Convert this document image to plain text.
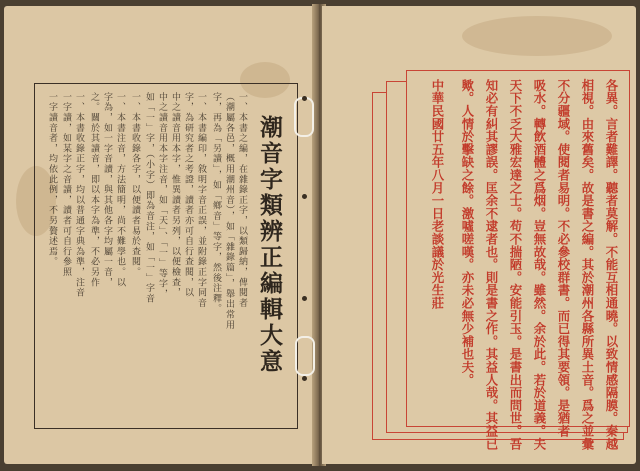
潮音字類辨正編輯大意
一、本書之編，在雜錄正字，以類歸納，俾閱者
（潮屬各邑，概用潮州音），如「雜錄篇」，舉出常用
字，再為「另讀」，如「鄉音」等字，然後注釋。
一、本書編印，敘明字音正誤，並附錄正字同音
字，為研究者之考證，讀者亦可自行查閱，以
中之讀音用本字，惟異讀者另列，以便檢查，
中之讀音用本字注音，如「天」、「一」等字，
如「一」字，（小字）即為音注，如「一」字音
一、本書收錄各字，以便讀者易於查閱。
一、本書注音，方法簡明，尚不難學也。以
字為，如一字音讀，與其他各字均屬一音，
之。關於其讀音，即以本字為準，不必另作
一、本書收錄正字，均以普通字典為準，注音
一字讀，如某字之音讀，讀者可自行參照
一字讀音者，均依此例，不另贅述焉。	各異。言者難譯。聽者莫解。不能互相通曉。以致情感隔膜。秦越
相視。由來舊矣。故是書之編。其於潮州各縣所異土音。爲之並彙
不分疆域。使閱者易明。不必參校群書。而已得其要領。是猶者
吸水。轉飲酒體之爲烟。豈無故哉。雖然。余於此。若於道義。夫
天下不乏大雅宏達之士。苟不揣陋。安能引玉。是書出而問世。吾
知必有糾其謬誤。匡余不逮者也。則是書之作。其益人哉。其益已
歟。人情於擊缺之餘。激噓嗟嘆。亦未必無少補也夫。
中華民國廿五年八月一日老談議於光生莊
